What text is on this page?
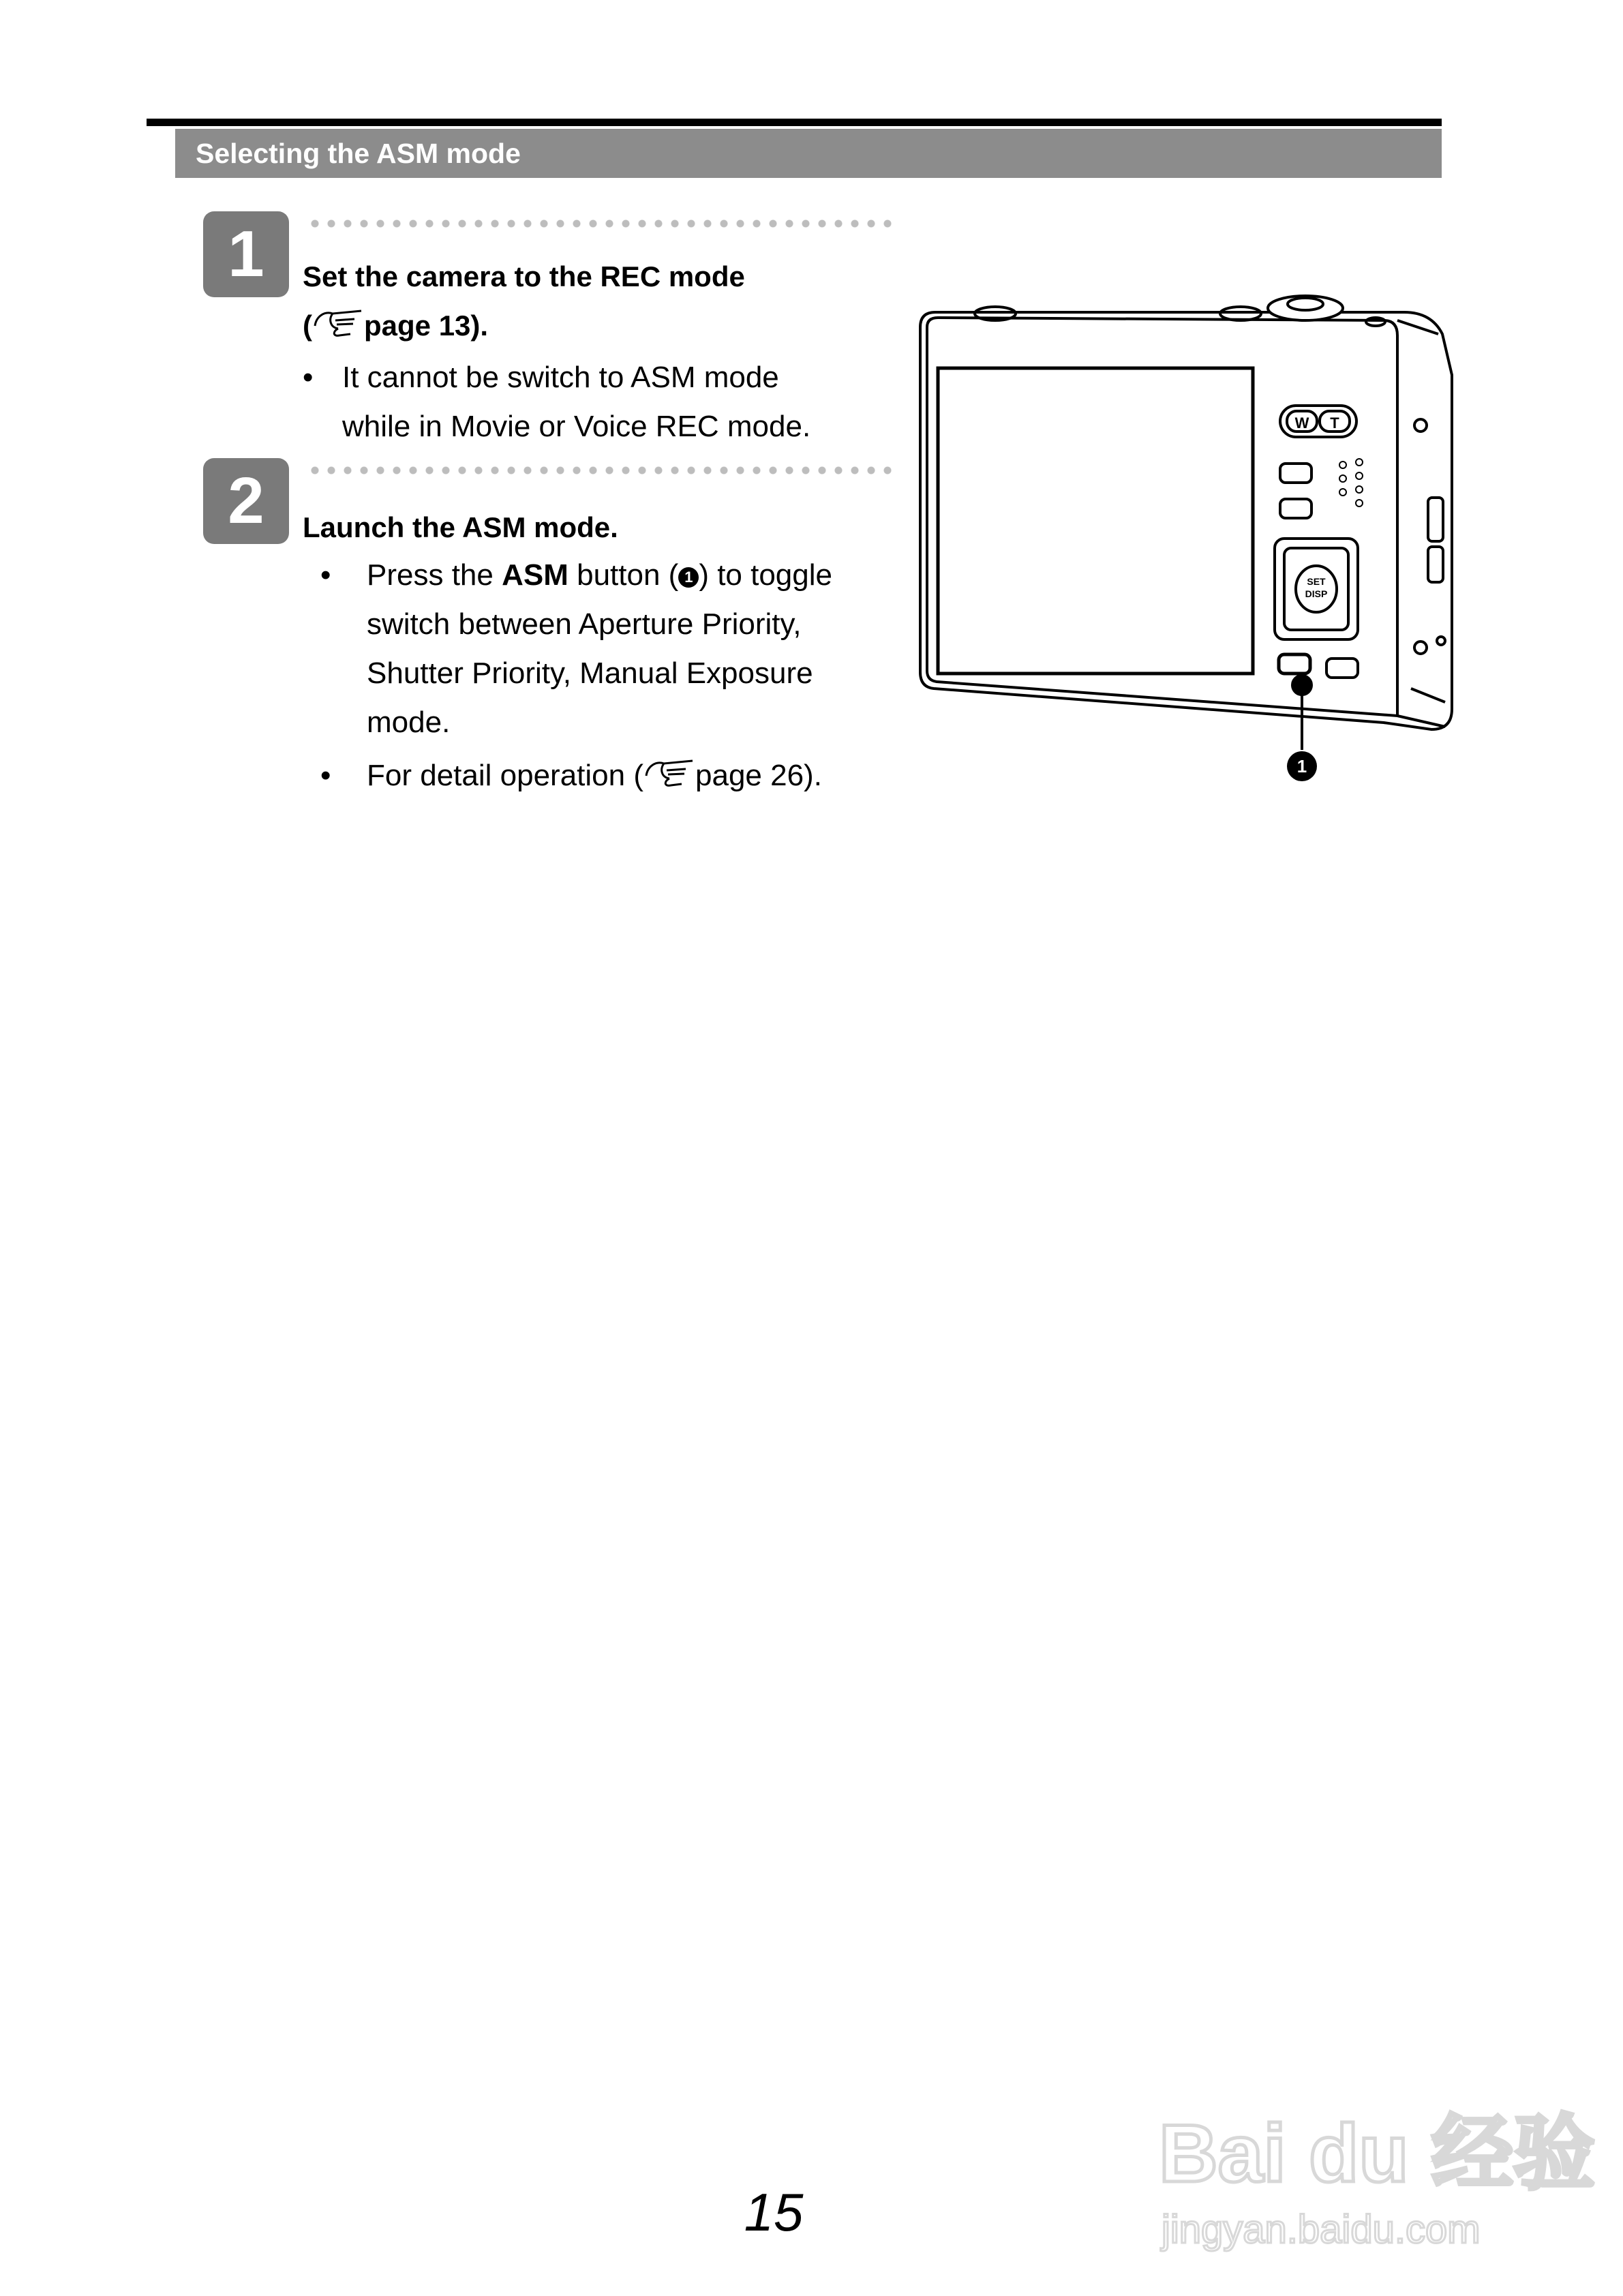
Selecting the ASM mode
1	Set the camera to the REC mode
( page 13).
• It cannot be switch to ASM mode
while in Movie or Voice REC mode.
2	Launch the ASM mode.
• Press the ASM button ( 1 ) to toggle
switch between Aperture Priority,
Shutter Priority, Manual Exposure
mode.
• For detail operation ( page 26).
W T
SET
DISP
1
15
Bai du 经验
jingyan.baidu.com
